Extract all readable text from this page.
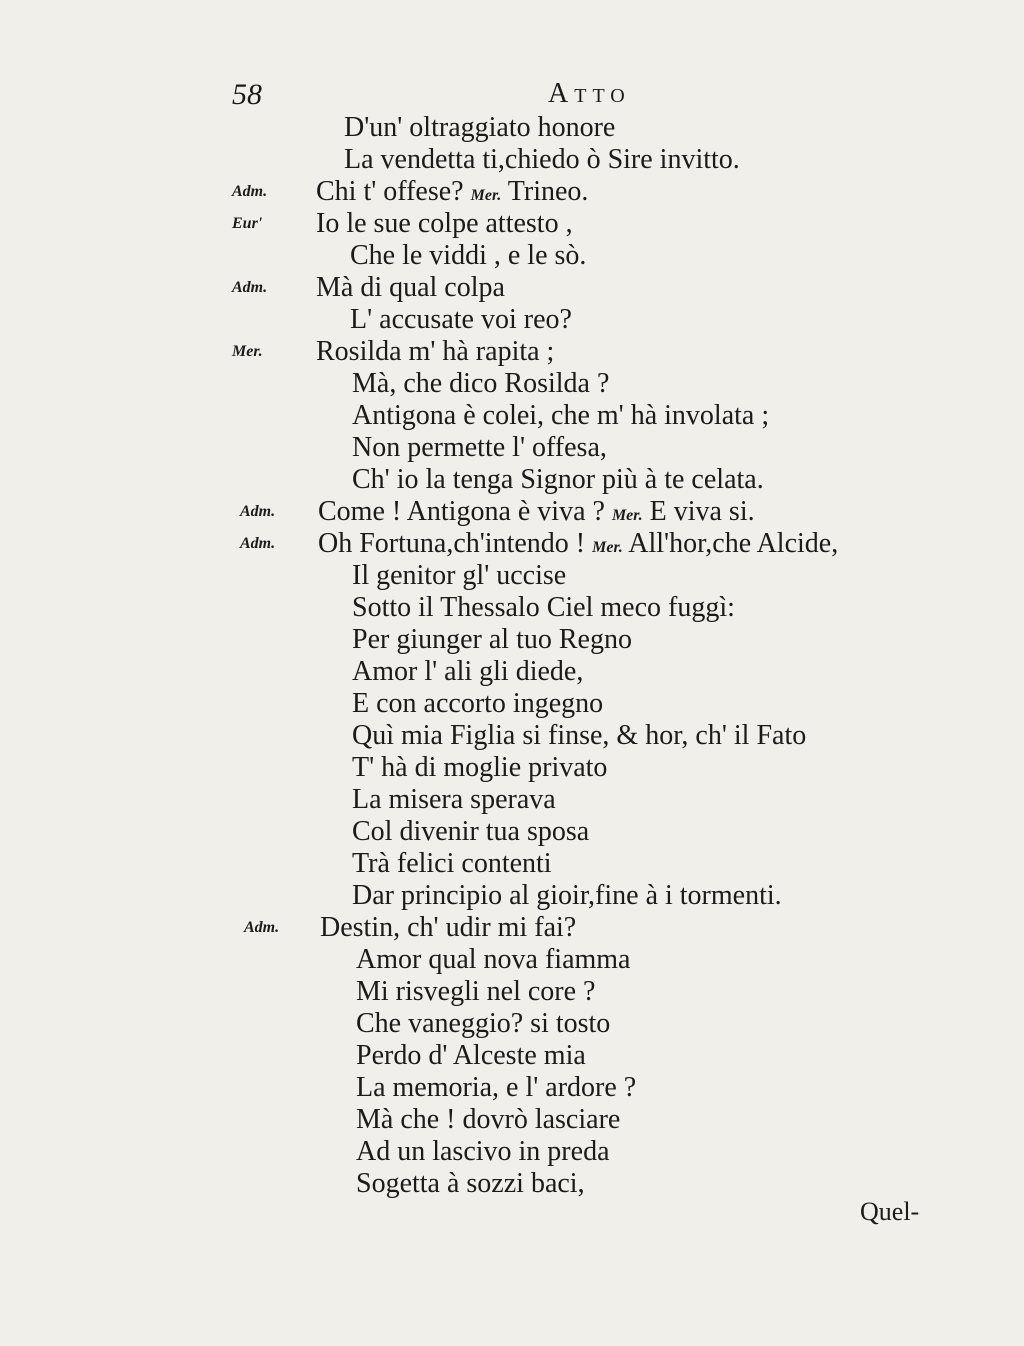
58	Atto
D'un' oltraggiato honore
La vendetta ti,chiedo ò Sire invitto.
Adm. Chi t' offese? Mer. Trineo.
Eur' Io le sue colpe attesto ,
Che le viddi , e le sò.
Adm. Mà di qual colpa
L' accusate voi reo?
Mer. Rosilda m' hà rapita ;
Mà, che dico Rosilda ?
Antigona è colei, che m' hà involata ;
Non permette l' offesa,
Ch' io la tenga Signor più à te celata.
Adm. Come ! Antigona è viva ? Mer. E viva si.
Adm. Oh Fortuna,ch'intendo ! Mer. All'hor,che Alcide,
Il genitor gl' uccise
Sotto il Thessalo Ciel meco fuggì:
Per giunger al tuo Regno
Amor l' ali gli diede,
E con accorto ingegno
Quì mia Figlia si finse, & hor, ch' il Fato
T' hà di moglie privato
La misera sperava
Col divenir tua sposa
Trà felici contenti
Dar principio al gioir,fine à i tormenti.
Adm. Destin, ch' udir mi fai?
Amor qual nova fiamma
Mi risvegli nel core ?
Che vaneggio? si tosto
Perdo d' Alceste mia
La memoria, e l' ardore ?
Mà che ! dovrò lasciare
Ad un lascivo in preda
Sogetta à sozzi baci,
Quel-
